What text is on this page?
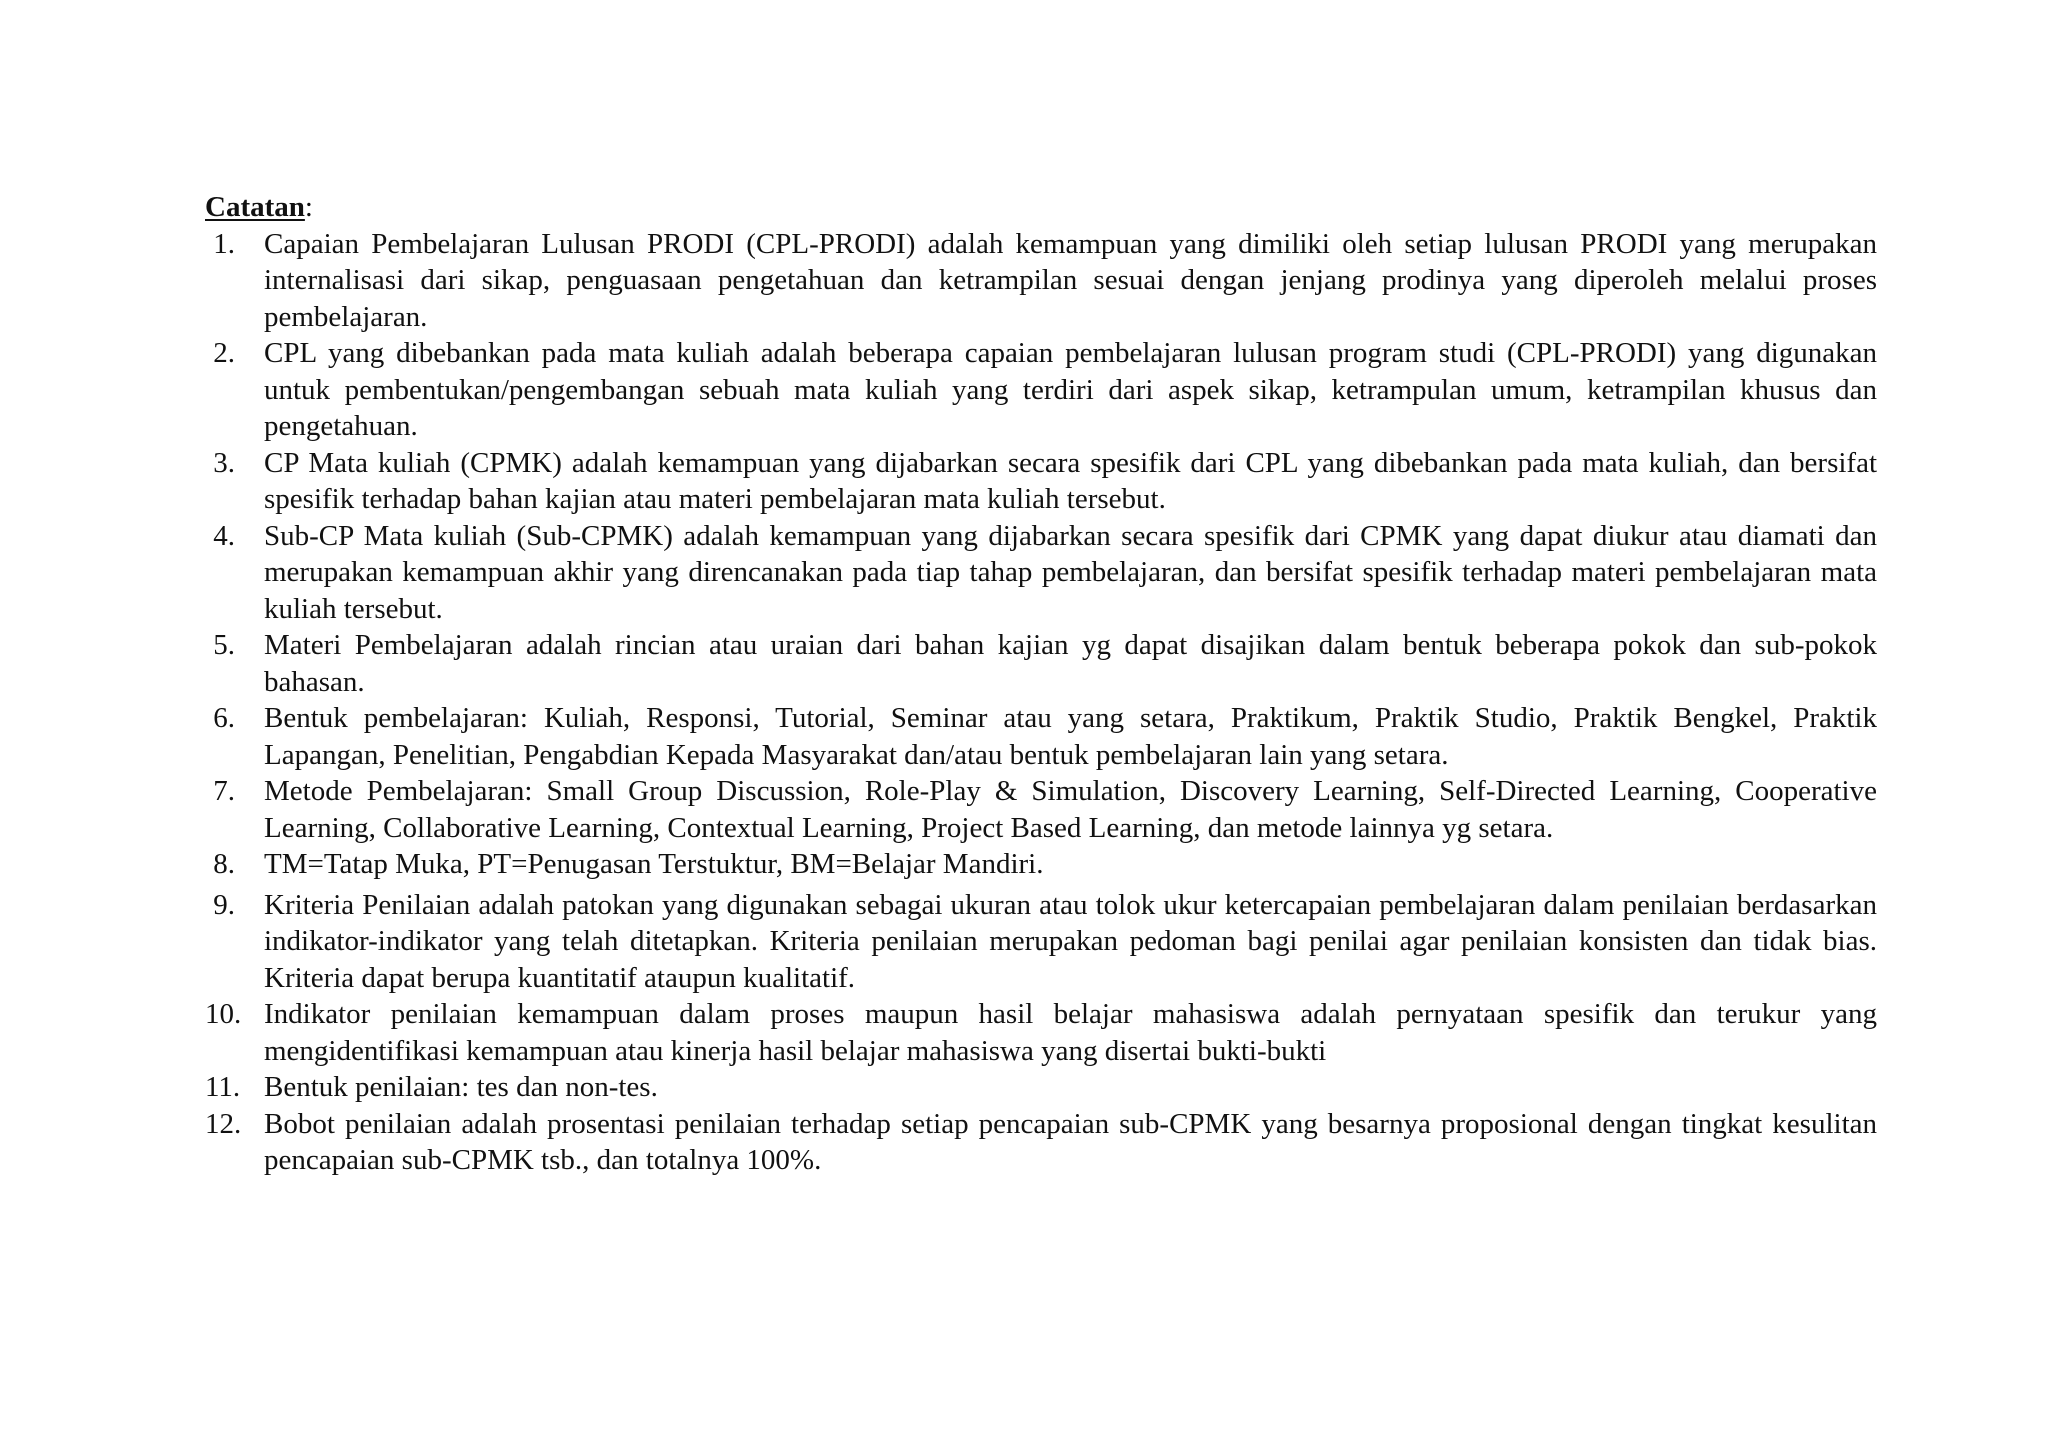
Catatan:

1. Capaian Pembelajaran Lulusan PRODI (CPL-PRODI) adalah kemampuan yang dimiliki oleh setiap lulusan PRODI yang merupakan internalisasi dari sikap, penguasaan pengetahuan dan ketrampilan sesuai dengan jenjang prodinya yang diperoleh melalui proses pembelajaran.
2. CPL yang dibebankan pada mata kuliah adalah beberapa capaian pembelajaran lulusan program studi (CPL-PRODI) yang digunakan untuk pembentukan/pengembangan sebuah mata kuliah yang terdiri dari aspek sikap, ketrampulan umum, ketrampilan khusus dan pengetahuan.
3. CP Mata kuliah (CPMK) adalah kemampuan yang dijabarkan secara spesifik dari CPL yang dibebankan pada mata kuliah, dan bersifat spesifik terhadap bahan kajian atau materi pembelajaran mata kuliah tersebut.
4. Sub-CP Mata kuliah (Sub-CPMK) adalah kemampuan yang dijabarkan secara spesifik dari CPMK yang dapat diukur atau diamati dan merupakan kemampuan akhir yang direncanakan pada tiap tahap pembelajaran, dan bersifat spesifik terhadap materi pembelajaran mata kuliah tersebut.
5. Materi Pembelajaran adalah rincian atau uraian dari bahan kajian yg dapat disajikan dalam bentuk beberapa pokok dan sub-pokok bahasan.
6. Bentuk pembelajaran: Kuliah, Responsi, Tutorial, Seminar atau yang setara, Praktikum, Praktik Studio, Praktik Bengkel, Praktik Lapangan, Penelitian, Pengabdian Kepada Masyarakat dan/atau bentuk pembelajaran lain yang setara.
7. Metode Pembelajaran: Small Group Discussion, Role-Play & Simulation, Discovery Learning, Self-Directed Learning, Cooperative Learning, Collaborative Learning, Contextual Learning, Project Based Learning, dan metode lainnya yg setara.
8. TM=Tatap Muka, PT=Penugasan Terstuktur, BM=Belajar Mandiri.
9. Kriteria Penilaian adalah patokan yang digunakan sebagai ukuran atau tolok ukur ketercapaian pembelajaran dalam penilaian berdasarkan indikator-indikator yang telah ditetapkan. Kriteria penilaian merupakan pedoman bagi penilai agar penilaian konsisten dan tidak bias. Kriteria dapat berupa kuantitatif ataupun kualitatif.
10. Indikator penilaian kemampuan dalam proses maupun hasil belajar mahasiswa adalah pernyataan spesifik dan terukur yang mengidentifikasi kemampuan atau kinerja hasil belajar mahasiswa yang disertai bukti-bukti
11. Bentuk penilaian: tes dan non-tes.
12. Bobot penilaian adalah prosentasi penilaian terhadap setiap pencapaian sub-CPMK yang besarnya proposional dengan tingkat kesulitan pencapaian sub-CPMK tsb., dan totalnya 100%.
